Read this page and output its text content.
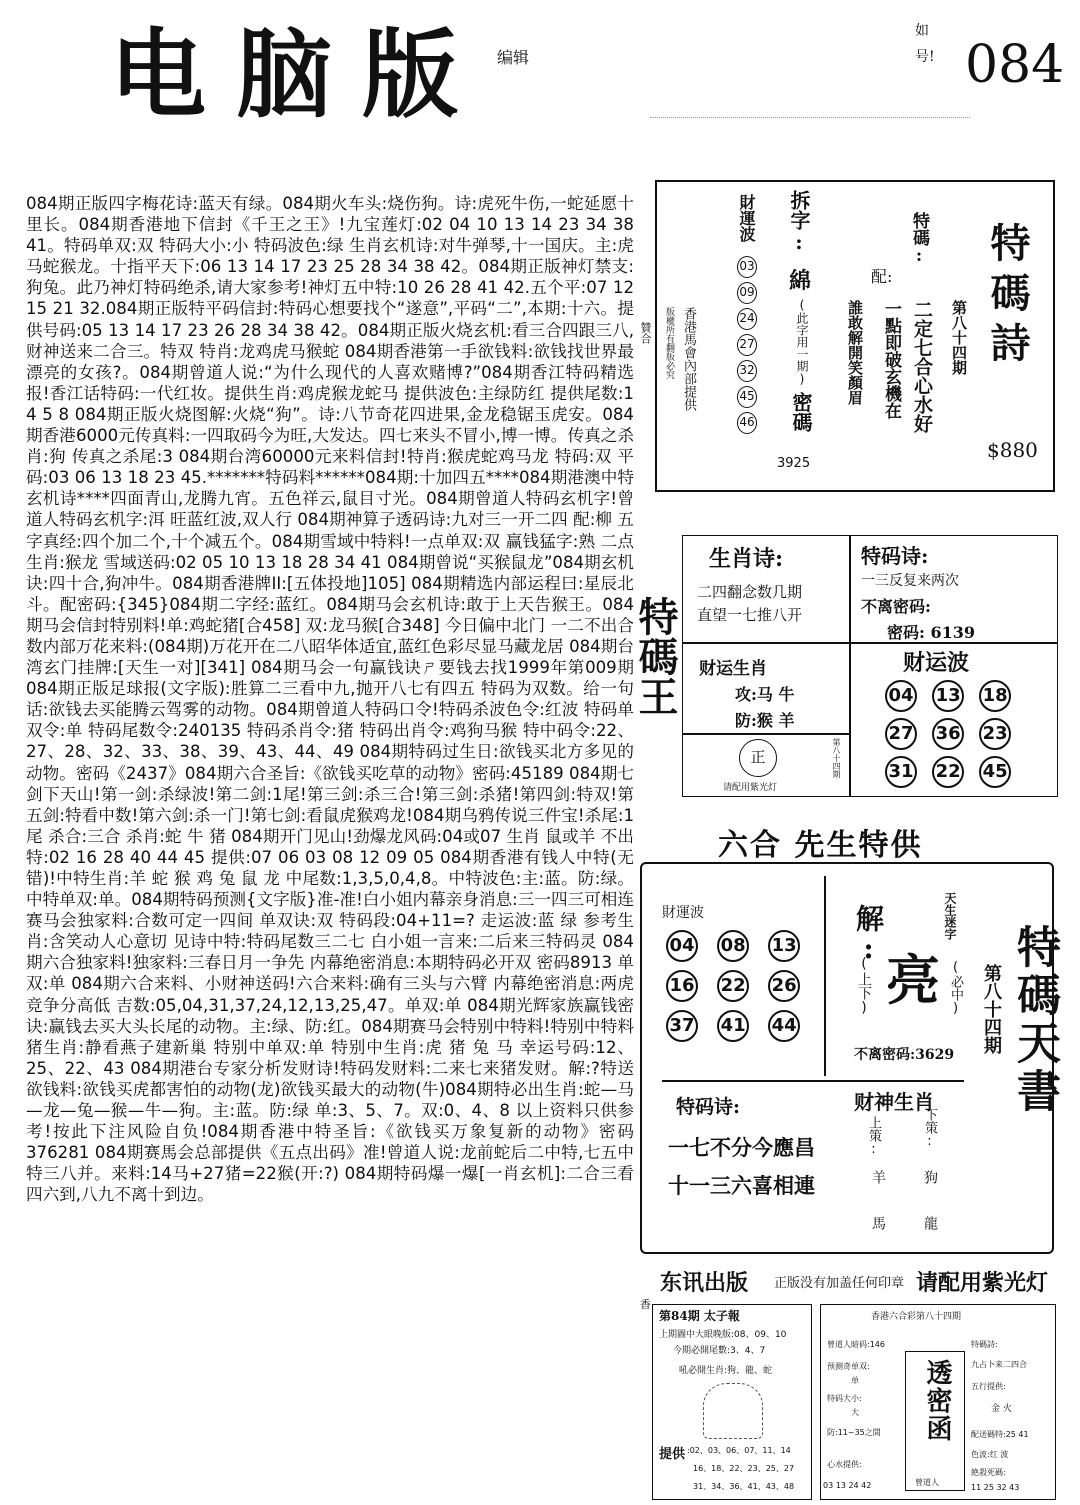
电脑版 编辑
如
号! 084
084期正版四字梅花诗:蓝天有绿。084期火车头:烧伤狗。诗:虎死牛伤,一蛇延愿十里长。084期香港地下信封《千王之王》!九宝莲灯:02 04 10 13 14 23 34 38 41。特码单双:双 特码大小:小 特码波色:绿 生肖玄机诗:对牛弹琴,十一国庆。主:虎马蛇猴龙。十指平天下:06 13 14 17 23 25 28 34 38 42。084期正版神灯禁支:狗兔。此乃神灯特码绝杀,请大家参考!神灯五中特:10 26 28 41 42.五个平:07 12 15 21 32.084期正版特平码信封:特码心想要找个“遂意”,平码“二”,本期:十六。提供号码:05 13 14 17 23 26 28 34 38 42。084期正版火烧玄机:看三合四跟三八,财神送来二合三。特双 特肖:龙鸡虎马猴蛇 084期香港第一手欲钱料:欲钱找世界最漂亮的女孩?。084期曾道人说:“为什么现代的人喜欢赌博?”084期香江特码精选报!香江话特码:一代红妆。提供生肖:鸡虎猴龙蛇马 提供波色:主绿防红 提供尾数:1 4 5 8 084期正版火烧图解:火烧“狗”。诗:八节奇花四进果,金龙稳锯玉虎安。084期香港6000元传真料:一四取码今为旺,大发达。四七来头不冒小,博一博。传真之杀肖:狗 传真之杀尾:3 084期台湾60000元来料信封!特肖:猴虎蛇鸡马龙 特码:双 平码:03 06 13 18 23 45.*******特码料******084期:十加四五****084期港澳中特玄机诗****四面青山,龙腾九宵。五色祥云,鼠目寸光。084期曾道人特码玄机字!曾道人特码玄机字:洱 旺蓝红波,双人行 084期神算子透码诗:九对三一开二四 配:柳 五字真经:四个加二个,十个减五个。084期雪域中特料!一点单双:双 赢钱猛字:熟 二点生肖:猴龙 雪域送码:02 05 10 13 18 28 34 41 084期曾说“买猴鼠龙”084期玄机诀:四十合,狗冲牛。084期香港牌II:[五体投地]105] 084期精选内部运程曰:星辰北斗。配密码:{345}084期二字经:蓝红。084期马会玄机诗:敢于上天告猴王。084期马会信封特别料!单:鸡蛇猪[合458] 双:龙马猴[合348] 今日偏中北门 一二不出合数内部万花来料:(084期)万花开在二八昭华体适宜,蓝红色彩尽显马藏龙居 084期台湾玄门挂牌:[天生一对][341] 084期马会一句赢钱诀ㄕ要钱去找1999年第009期 084期正版足球报(文字版):胜算二三看中九,抛开八七有四五 特码为双数。给一句话:欲钱去买能腾云驾雾的动物。084期曾道人特码口令!特码杀波色令:红波 特码单双令:单 特码尾数令:240135 特码杀肖令:猪 特码出肖令:鸡狗马猴 特中码令:22、27、28、32、33、38、39、43、44、49 084期特码过生日:欲钱买北方多见的动物。密码《2437》084期六合圣旨:《欲钱买吃草的动物》密码:45189 084期七剑下天山!第一剑:杀绿波!第二剑:1尾!第三剑:杀三合!第三剑:杀猪!第四剑:特双!第五剑:特看中数!第六剑:杀一门!第七剑:看鼠虎猴鸡龙!084期乌鸦传说三件宝!杀尾:1尾 杀合:三合 杀肖:蛇 牛 猪 084期开门见山!劲爆龙风码:04或07 生肖 鼠或羊 不出特:02 16 28 40 44 45 提供:07 06 03 08 12 09 05 084期香港有钱人中特(无错)!中特生肖:羊 蛇 猴 鸡 兔 鼠 龙 中尾数:1,3,5,0,4,8。中特波色:主:蓝。防:绿。中特单双:单。084期特码预测{文字版}准-准!白小姐内幕亲身消息:三一四三可相连 赛马会独家料:合数可定一四间 单双诀:双 特码段:04+11=? 走运波:蓝 绿 参考生肖:含笑动人心意切 见诗中特:特码尾数三二七 白小姐一言来:二后来三特码灵 084期六合独家料!独家料:三春日月一争先 内幕绝密消息:本期特码必开双 密码8913 单双:单 084期六合来料、小财神送码!六合来料:确有三头与六臂 内幕绝密消息:两虎竞争分高低 吉数:05,04,31,37,24,12,13,25,47。单双:单 084期光辉家族赢钱密诀:赢钱去买大头长尾的动物。主:绿、防:红。084期赛马会特别中特料!特别中特料猪生肖:静看燕子建新巢 特别中单双:单 特别中生肖:虎 猪 兔 马 幸运号码:12、25、22、43 084期港台专家分析发财诗!特码发财料:二来七来猪发财。解:?特送欲钱料:欲钱买虎都害怕的动物(龙)欲钱买最大的动物(牛)084期特必出生肖:蛇—马—龙—兔—猴—牛—狗。主:蓝。防:绿 单:3、5、7。双:0、4、8 以上资料只供参考!按此下注风险自负!084期香港中特圣旨:《欲钱买万象复新的动物》密码376281 084期赛馬会总部提供《五点出码》准!曾道人说:龙前蛇后二中特,七五中特三八并。来料:14马+27猪=22猴(开:?) 084期特码爆一爆[一肖玄机]:二合三看四六到,八九不离十到边。
香港馬會內部提供
版權所有翻版必究
贊合
財運波
03
09
24
27
32
45
46
拆字:
綿
(此字用一期)
密碼
3925
誰敢解開笑顏眉
配:
一點即破玄機在
特碼:
二定七合心水好 第八十四期 特碼詩
$880
特碼王
生肖诗:
二四翻念数几期
直望一七推八开
特码诗:
一三反复来两次
不离密码:
密码: 6139
财运生肖
攻:马 牛
防:猴 羊
正
请配用紫光灯
第八十四期
财运波
04 13 18
27 36 23
31 22 45
六合 先生特供
財運波
04 08 13
16 22 26
37 41 44
解:
(上下) 亮
天生迷字
(必中)
不离密码:3629
特码诗:
一七不分今應昌
十一三六喜相連
财神生肖
上策:	下策:
羊 馬	狗 龍
第八十四期 特碼天書
东讯出版 正版没有加盖任何印章 请配用紫光灯
香
第84期 太子報
上期圖中大眼晚版:08、09、10
今期必開尾數:3、4、7
吼必開生肖:狗、龍、蛇
提供 :02、03、06、07、11、14
16、18、22、23、25、27
31、34、36、41、43、48
香港六合彩第八十四期
曾道人暗码:146
预测奇单双:
单
特码大小:
大
防:11~35之間
心水提供:
03 13 24 42
透密函
曾道人
特碼詩:
九占卜来二四合
五行提供:
金 火
配送碼特:25 41
色波:红 波
絶殺死碼:
11 25 32 43
